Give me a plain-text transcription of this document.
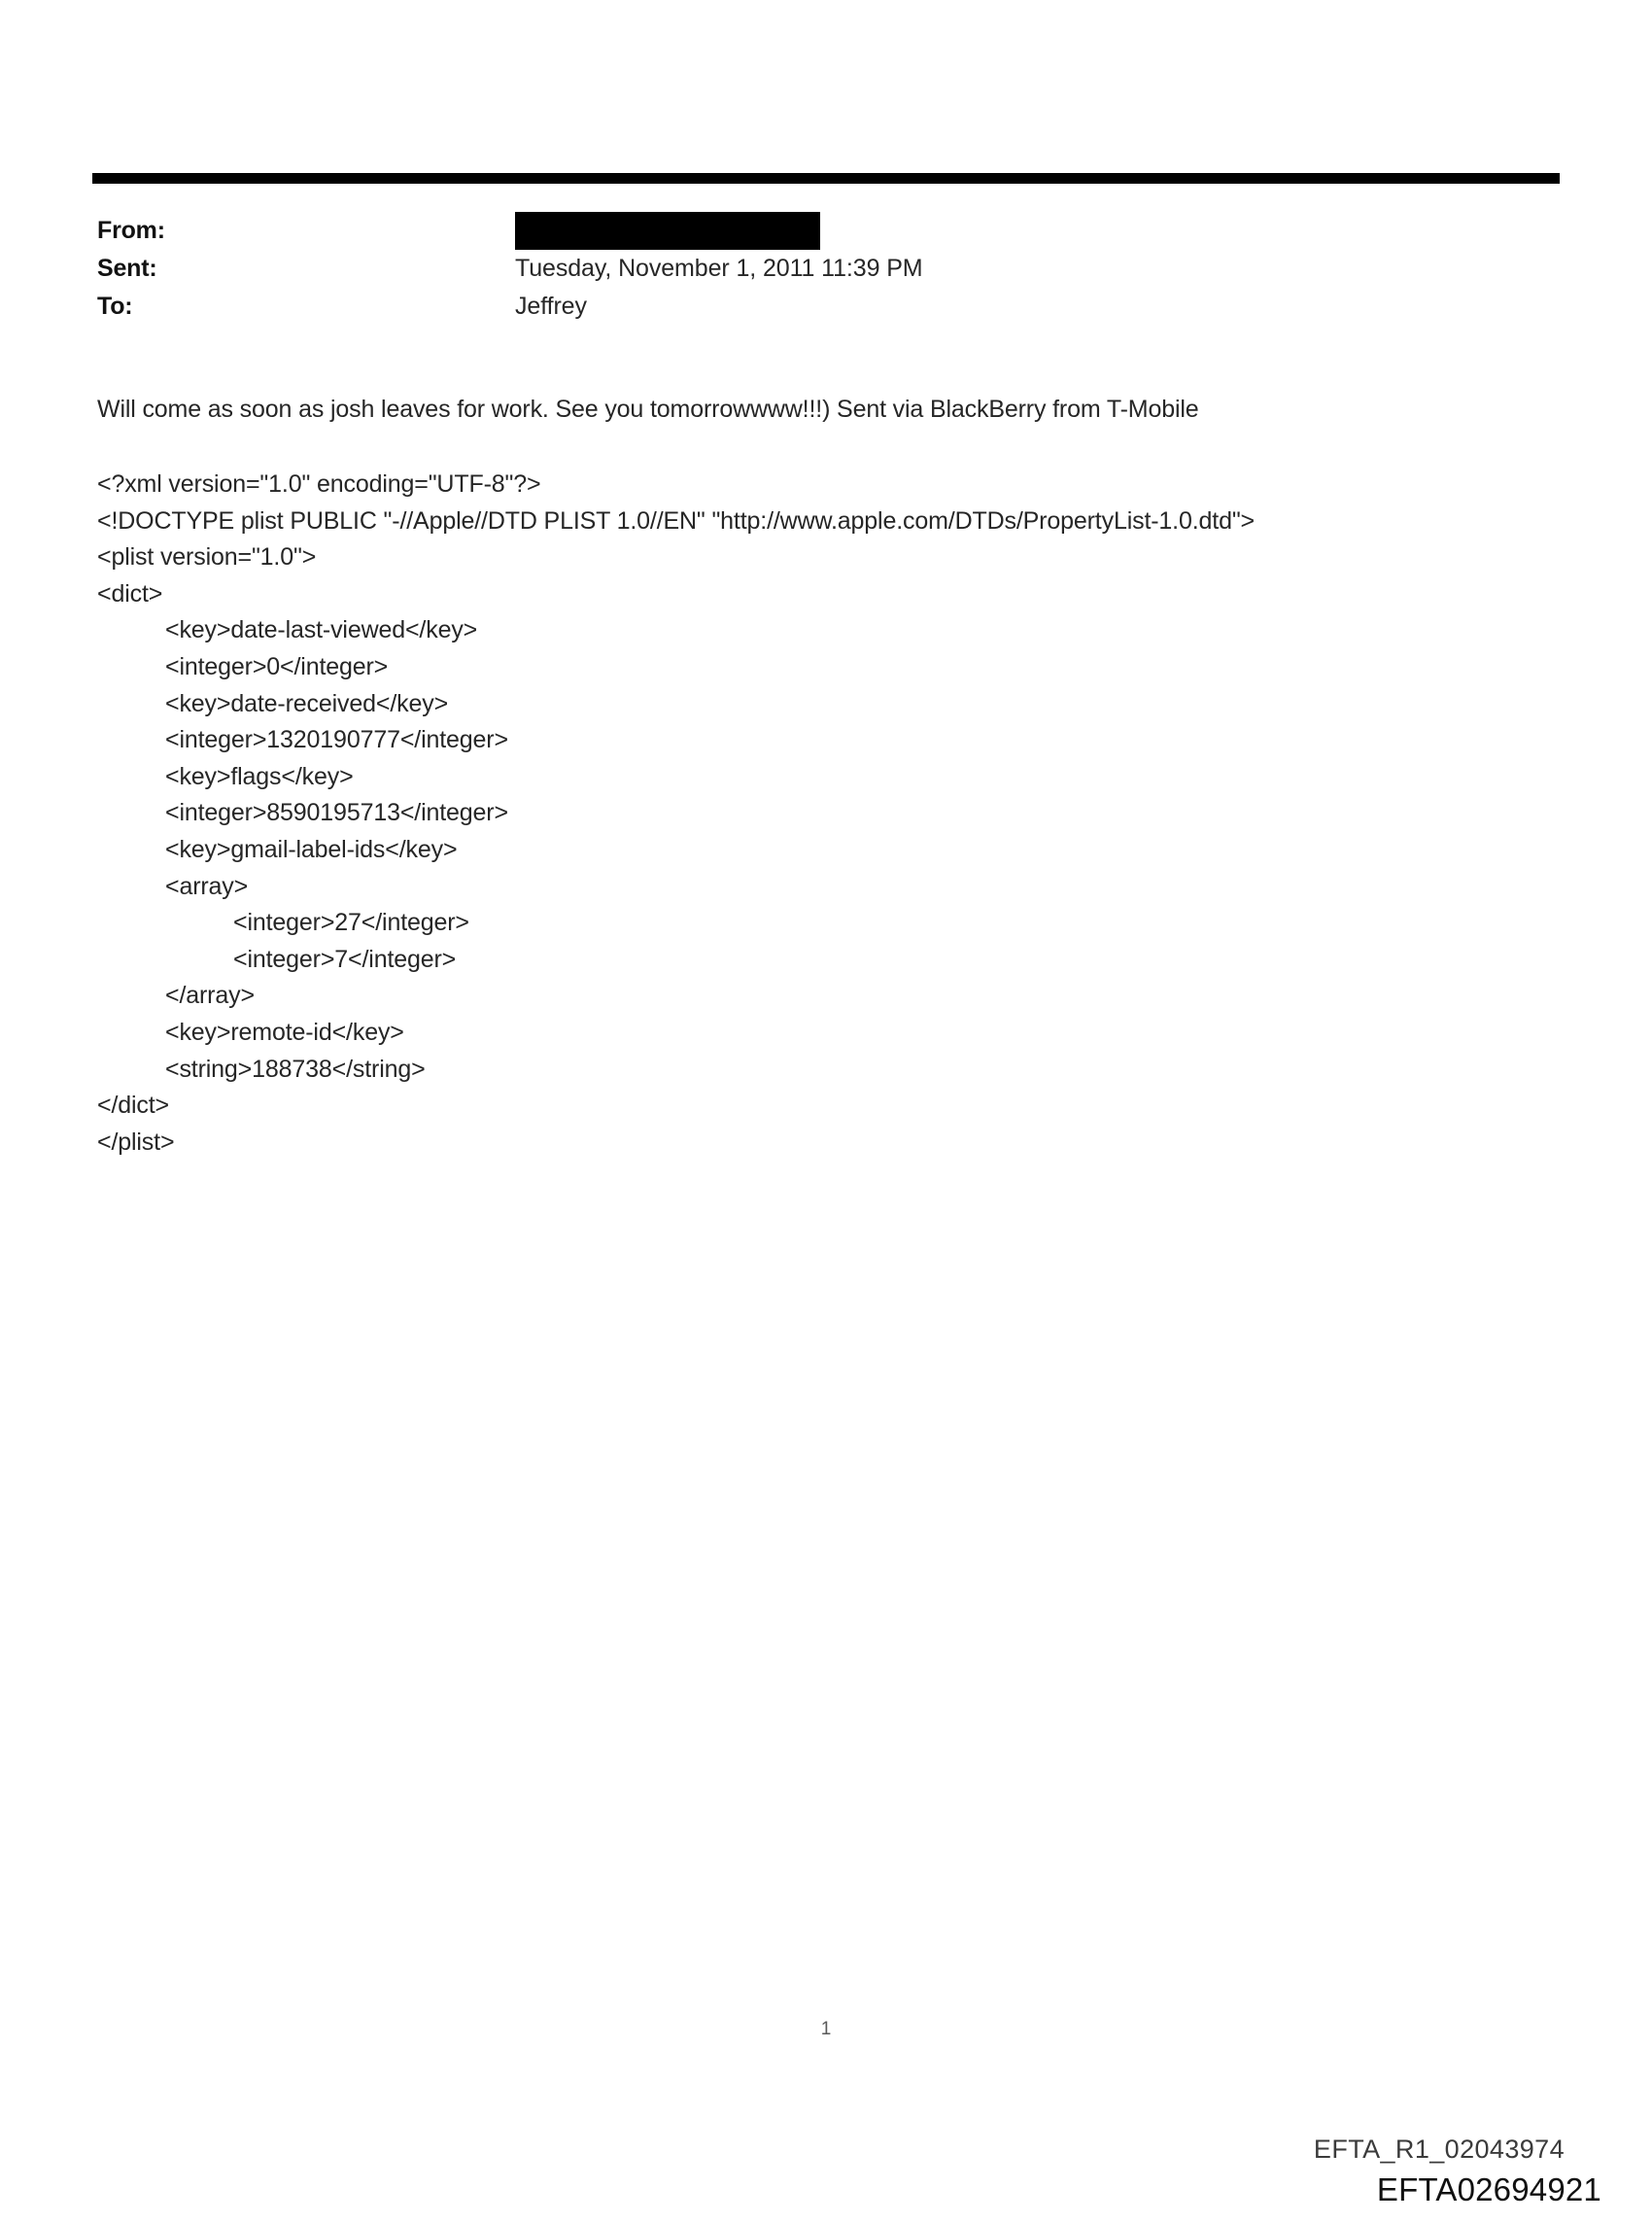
From:
Sent:	Tuesday, November 1, 2011 11:39 PM
To:	Jeffrey
Will come as soon as josh leaves for work. See you tomorrowwww!!!) Sent via BlackBerry from T-Mobile
<?xml version="1.0" encoding="UTF-8"?>
<!DOCTYPE plist PUBLIC "-//Apple//DTD PLIST 1.0//EN" "http://www.apple.com/DTDs/PropertyList-1.0.dtd">
<plist version="1.0">
<dict>
<key>date-last-viewed</key>
<integer>0</integer>
<key>date-received</key>
<integer>1320190777</integer>
<key>flags</key>
<integer>8590195713</integer>
<key>gmail-label-ids</key>
<array>
<integer>27</integer>
<integer>7</integer>
</array>
<key>remote-id</key>
<string>188738</string>
</dict>
</plist>
1
EFTA_R1_02043974
EFTA02694921
